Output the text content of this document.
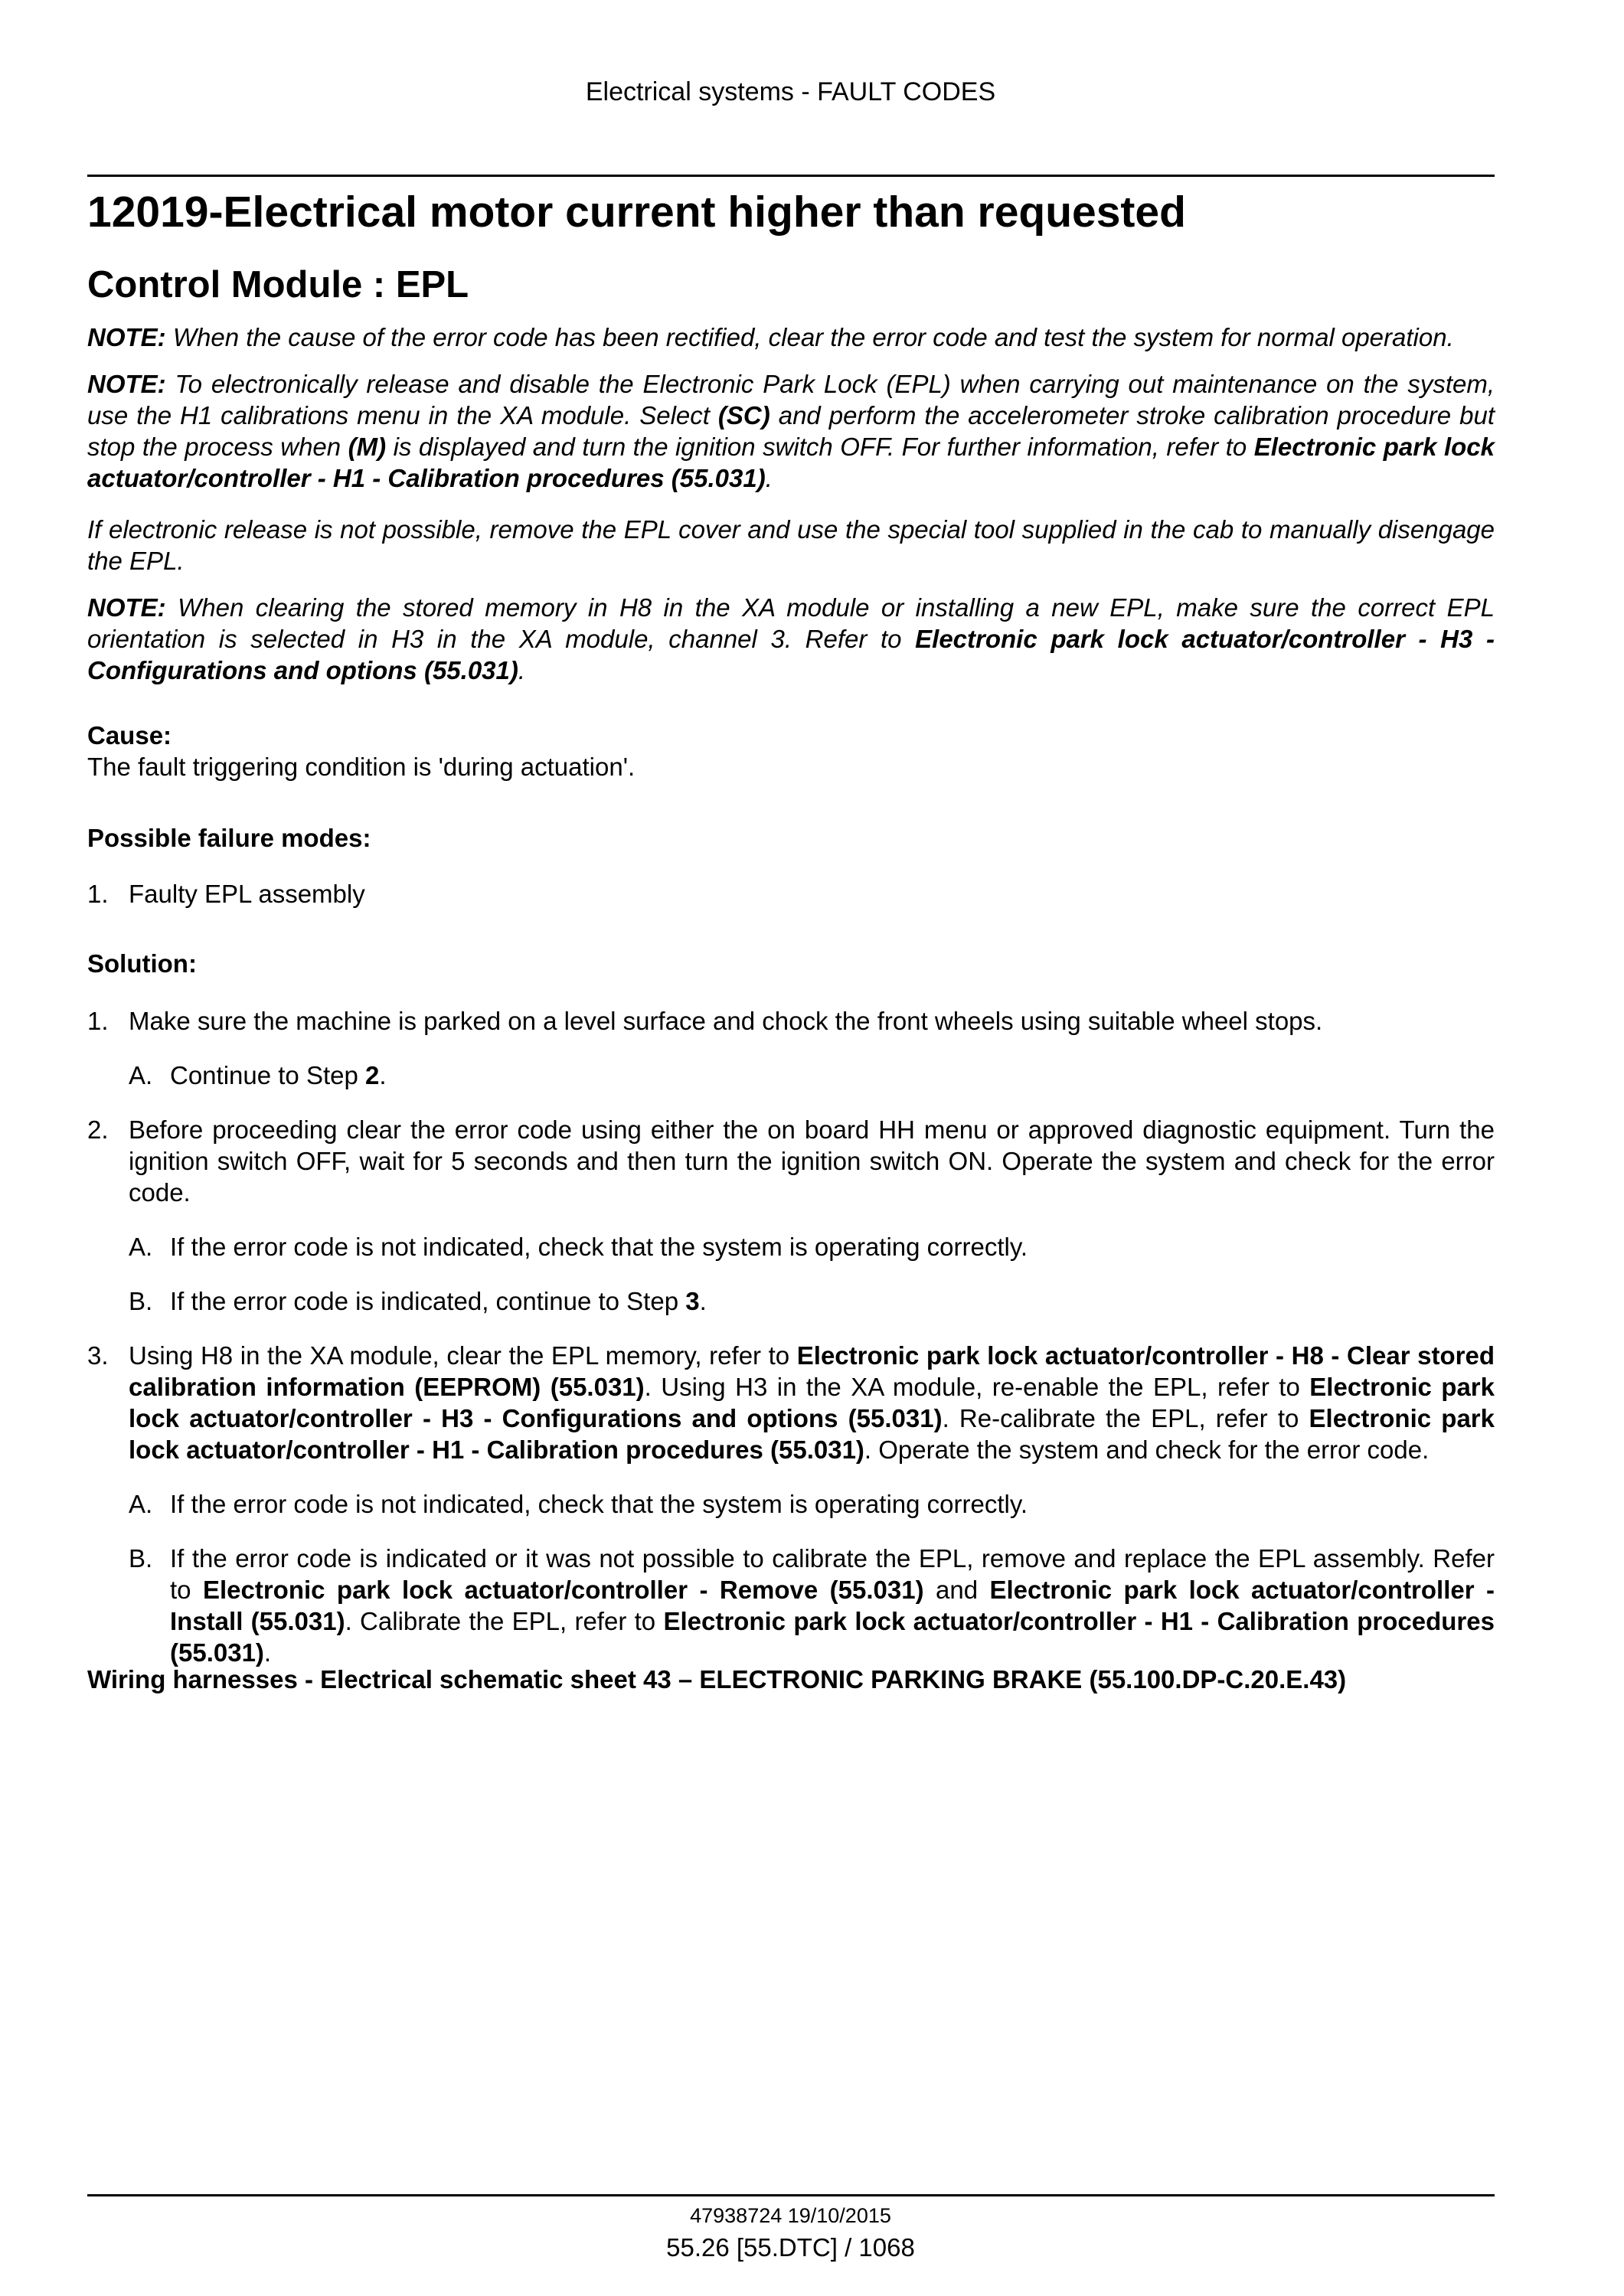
Electrical systems - FAULT CODES
12019-Electrical motor current higher than requested
Control Module : EPL

NOTE: When the cause of the error code has been rectified, clear the error code and test the system for normal operation.

NOTE: To electronically release and disable the Electronic Park Lock (EPL) when carrying out maintenance on the system, use the H1 calibrations menu in the XA module. Select (SC) and perform the accelerometer stroke calibration procedure but stop the process when (M) is displayed and turn the ignition switch OFF. For further information, refer to Electronic park lock actuator/controller - H1 - Calibration procedures (55.031).

If electronic release is not possible, remove the EPL cover and use the special tool supplied in the cab to manually disengage the EPL.

NOTE: When clearing the stored memory in H8 in the XA module or installing a new EPL, make sure the correct EPL orientation is selected in H3 in the XA module, channel 3. Refer to Electronic park lock actuator/controller - H3 - Configurations and options (55.031).

Cause:

The fault triggering condition is 'during actuation'.

Possible failure modes:
1. Faulty EPL assembly
Solution:
1. Make sure the machine is parked on a level surface and chock the front wheels using suitable wheel stops.
A. Continue to Step 2.
2. Before proceeding clear the error code using either the on board HH menu or approved diagnostic equipment. Turn the ignition switch OFF, wait for 5 seconds and then turn the ignition switch ON. Operate the system and check for the error code.
A. If the error code is not indicated, check that the system is operating correctly.
B. If the error code is indicated, continue to Step 3.
3. Using H8 in the XA module, clear the EPL memory, refer to Electronic park lock actuator/controller - H8 - Clear stored calibration information (EEPROM) (55.031). Using H3 in the XA module, re-enable the EPL, refer to Electronic park lock actuator/controller - H3 - Configurations and options (55.031). Re-calibrate the EPL, refer to Electronic park lock actuator/controller - H1 - Calibration procedures (55.031). Operate the system and check for the error code.
A. If the error code is not indicated, check that the system is operating correctly.
B. If the error code is indicated or it was not possible to calibrate the EPL, remove and replace the EPL assembly. Refer to Electronic park lock actuator/controller - Remove (55.031) and Electronic park lock actuator/controller - Install (55.031). Calibrate the EPL, refer to Electronic park lock actuator/controller - H1 - Calibration procedures (55.031).
Wiring harnesses - Electrical schematic sheet 43 – ELECTRONIC PARKING BRAKE (55.100.DP-C.20.E.43)
47938724 19/10/2015
55.26 [55.DTC] / 1068
